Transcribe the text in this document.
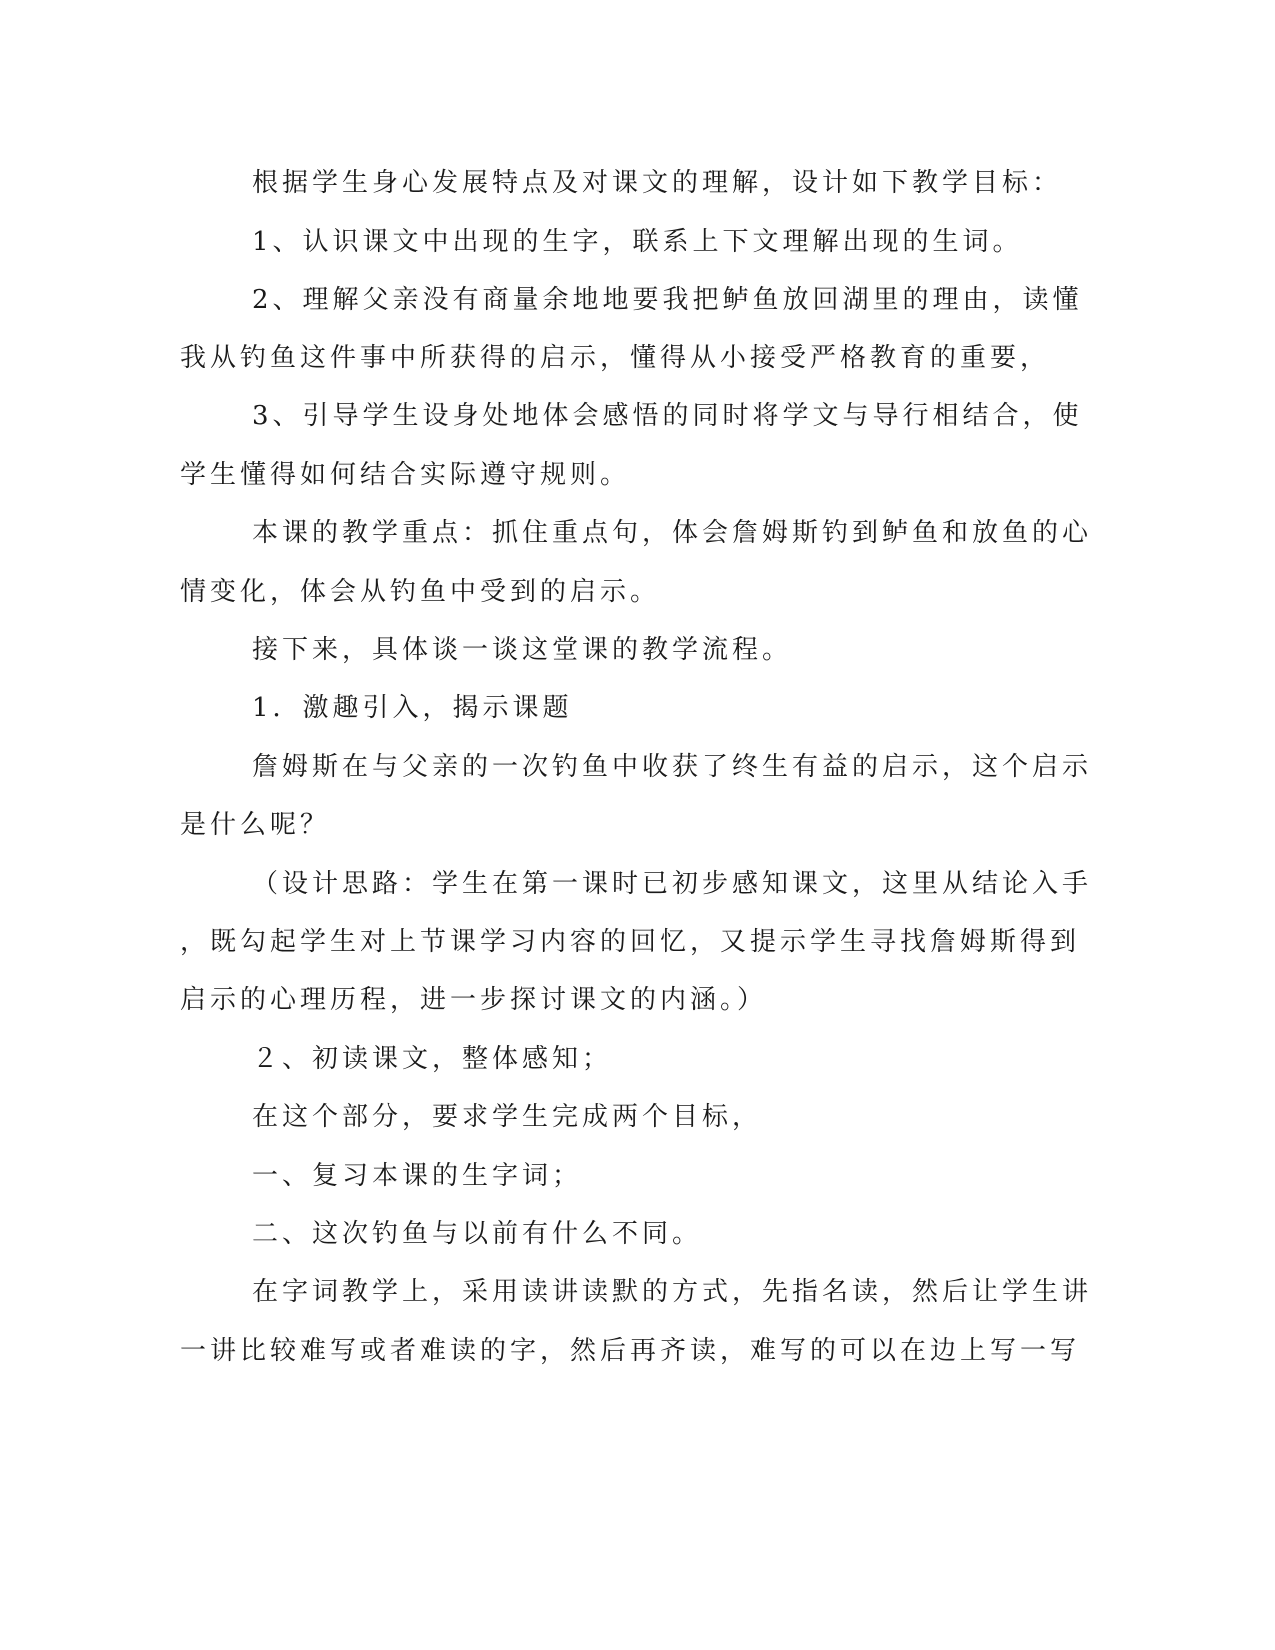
根据学生身心发展特点及对课文的理解，设计如下教学目标：
1、认识课文中出现的生字，联系上下文理解出现的生词。
2、理解父亲没有商量余地地要我把鲈鱼放回湖里的理由，读懂
我从钓鱼这件事中所获得的启示，懂得从小接受严格教育的重要，
3、引导学生设身处地体会感悟的同时将学文与导行相结合，使
学生懂得如何结合实际遵守规则。
本课的教学重点：抓住重点句，体会詹姆斯钓到鲈鱼和放鱼的心
情变化，体会从钓鱼中受到的启示。
接下来，具体谈一谈这堂课的教学流程。
1．激趣引入，揭示课题
詹姆斯在与父亲的一次钓鱼中收获了终生有益的启示，这个启示
是什么呢？
（设计思路：学生在第一课时已初步感知课文，这里从结论入手
，既勾起学生对上节课学习内容的回忆，又提示学生寻找詹姆斯得到
启示的心理历程，进一步探讨课文的内涵。）
２、初读课文，整体感知；
在这个部分，要求学生完成两个目标，
一、复习本课的生字词；
二、这次钓鱼与以前有什么不同。
在字词教学上，采用读讲读默的方式，先指名读，然后让学生讲
一讲比较难写或者难读的字，然后再齐读，难写的可以在边上写一写
